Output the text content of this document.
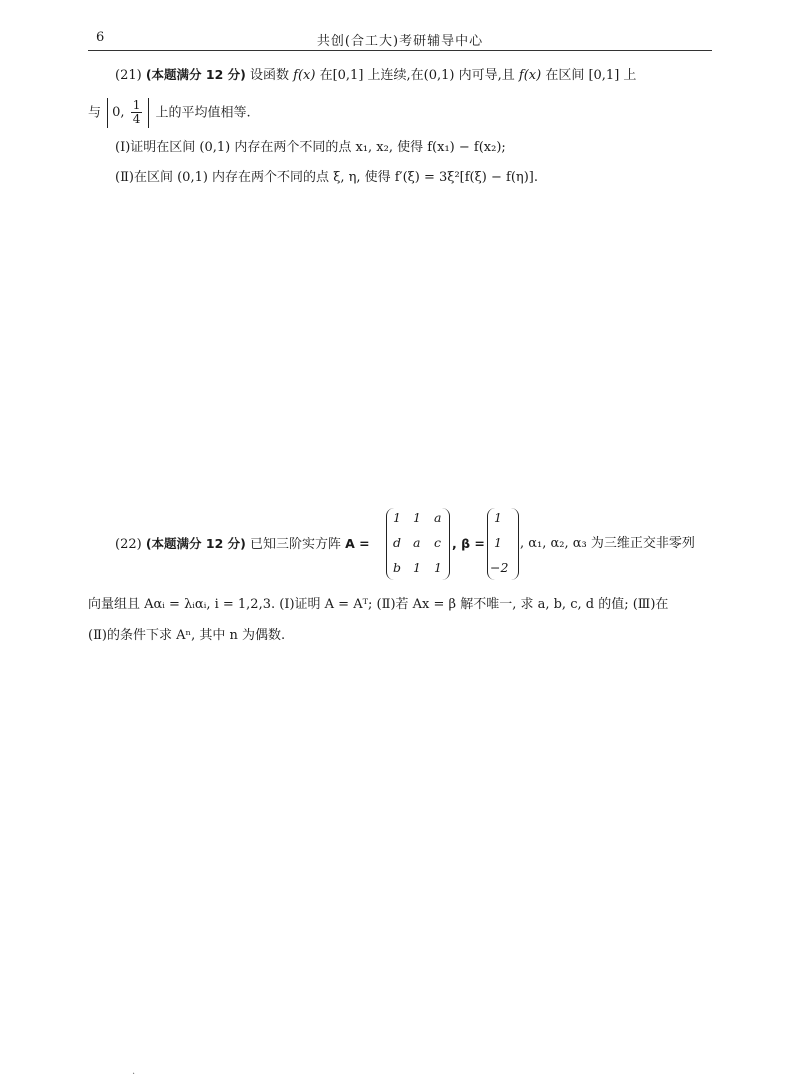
6	共创(合工大)考研辅导中心
(21) (本题满分 12 分) 设函数 f(x) 在[0,1] 上连续,在(0,1) 内可导,且 f(x) 在区间 [0,1] 上
与 0, $\frac{1}{4}$ 上的平均值相等.
(Ⅰ)证明在区间 (0,1) 内存在两个不同的点 x₁, x₂, 使得 f(x₁) − f(x₂);
(Ⅱ)在区间 (0,1) 内存在两个不同的点 ξ, η, 使得 f′(ξ) = 3ξ²[f(ξ) − f(η)].
(22) (本题满分 12 分) 已知三阶实方阵 A =
1 1 a
d a c
b 1 1
, β =
1
1
−2
, α₁, α₂, α₃ 为三维正交非零列
向量组且 Aαᵢ = λᵢαᵢ, i = 1,2,3. (Ⅰ)证明 A = Aᵀ; (Ⅱ)若 Ax = β 解不唯一, 求 a, b, c, d 的值; (Ⅲ)在
(Ⅱ)的条件下求 Aⁿ, 其中 n 为偶数.
.
